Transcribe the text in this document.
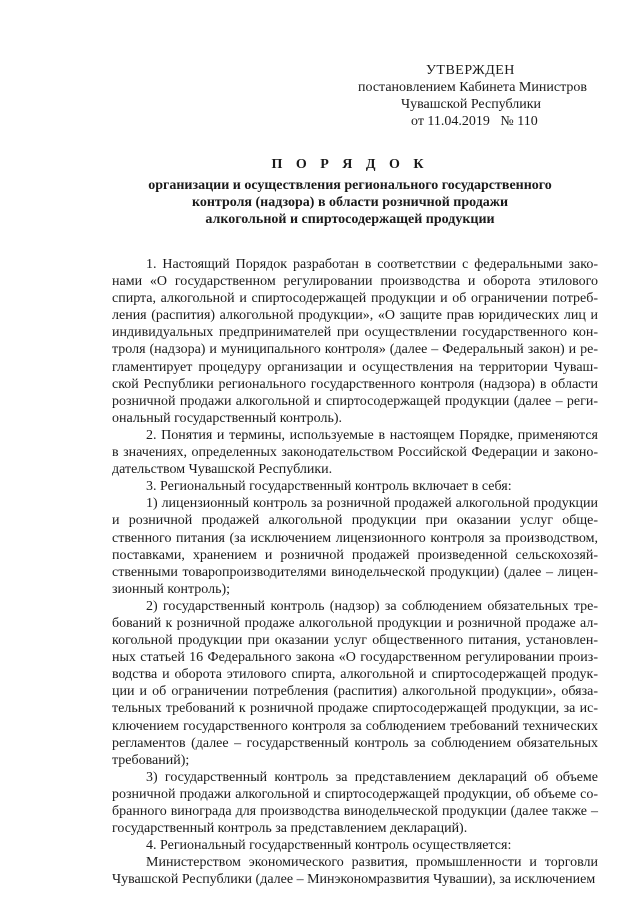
УТВЕРЖДЕН
постановлением Кабинета Министров
Чувашской Республики
от 11.04.2019   № 110
П О Р Я Д О К
организации и осуществления регионального государственного
контроля (надзора) в области розничной продажи
алкогольной и спиртосодержащей продукции

1. Настоящий Порядок разработан в соответствии с федеральными законами «О государственном регулировании производства и оборота этилового спирта, алкогольной и спиртосодержащей продукции и об ограничении потребления (распития) алкогольной продукции», «О защите прав юридических лиц и индивидуальных предпринимателей при осуществлении государственного контроля (надзора) и муниципального контроля» (далее – Федеральный закон) и регламентирует процедуру организации и осуществления на территории Чувашской Республики регионального государственного контроля (надзора) в области розничной продажи алкогольной и спиртосодержащей продукции (далее – региональный государственный контроль).

2. Понятия и термины, используемые в настоящем Порядке, применяются в значениях, определенных законодательством Российской Федерации и законодательством Чувашской Республики.

3. Региональный государственный контроль включает в себя:

1) лицензионный контроль за розничной продажей алкогольной продукции и розничной продажей алкогольной продукции при оказании услуг общественного питания (за исключением лицензионного контроля за производством, поставками, хранением и розничной продажей произведенной сельскохозяйственными товаропроизводителями винодельческой продукции) (далее – лицензионный контроль);

2) государственный контроль (надзор) за соблюдением обязательных требований к розничной продаже алкогольной продукции и розничной продаже алкогольной продукции при оказании услуг общественного питания, установленных статьей 16 Федерального закона «О государственном регулировании производства и оборота этилового спирта, алкогольной и спиртосодержащей продукции и об ограничении потребления (распития) алкогольной продукции», обязательных требований к розничной продаже спиртосодержащей продукции, за исключением государственного контроля за соблюдением требований технических регламентов (далее – государственный контроль за соблюдением обязательных требований);

3) государственный контроль за представлением деклараций об объеме розничной продажи алкогольной и спиртосодержащей продукции, об объеме собранного винограда для производства винодельческой продукции (далее также – государственный контроль за представлением деклараций).

4. Региональный государственный контроль осуществляется:

Министерством экономического развития, промышленности и торговли Чувашской Республики (далее – Минэкономразвития Чувашии), за исключением
